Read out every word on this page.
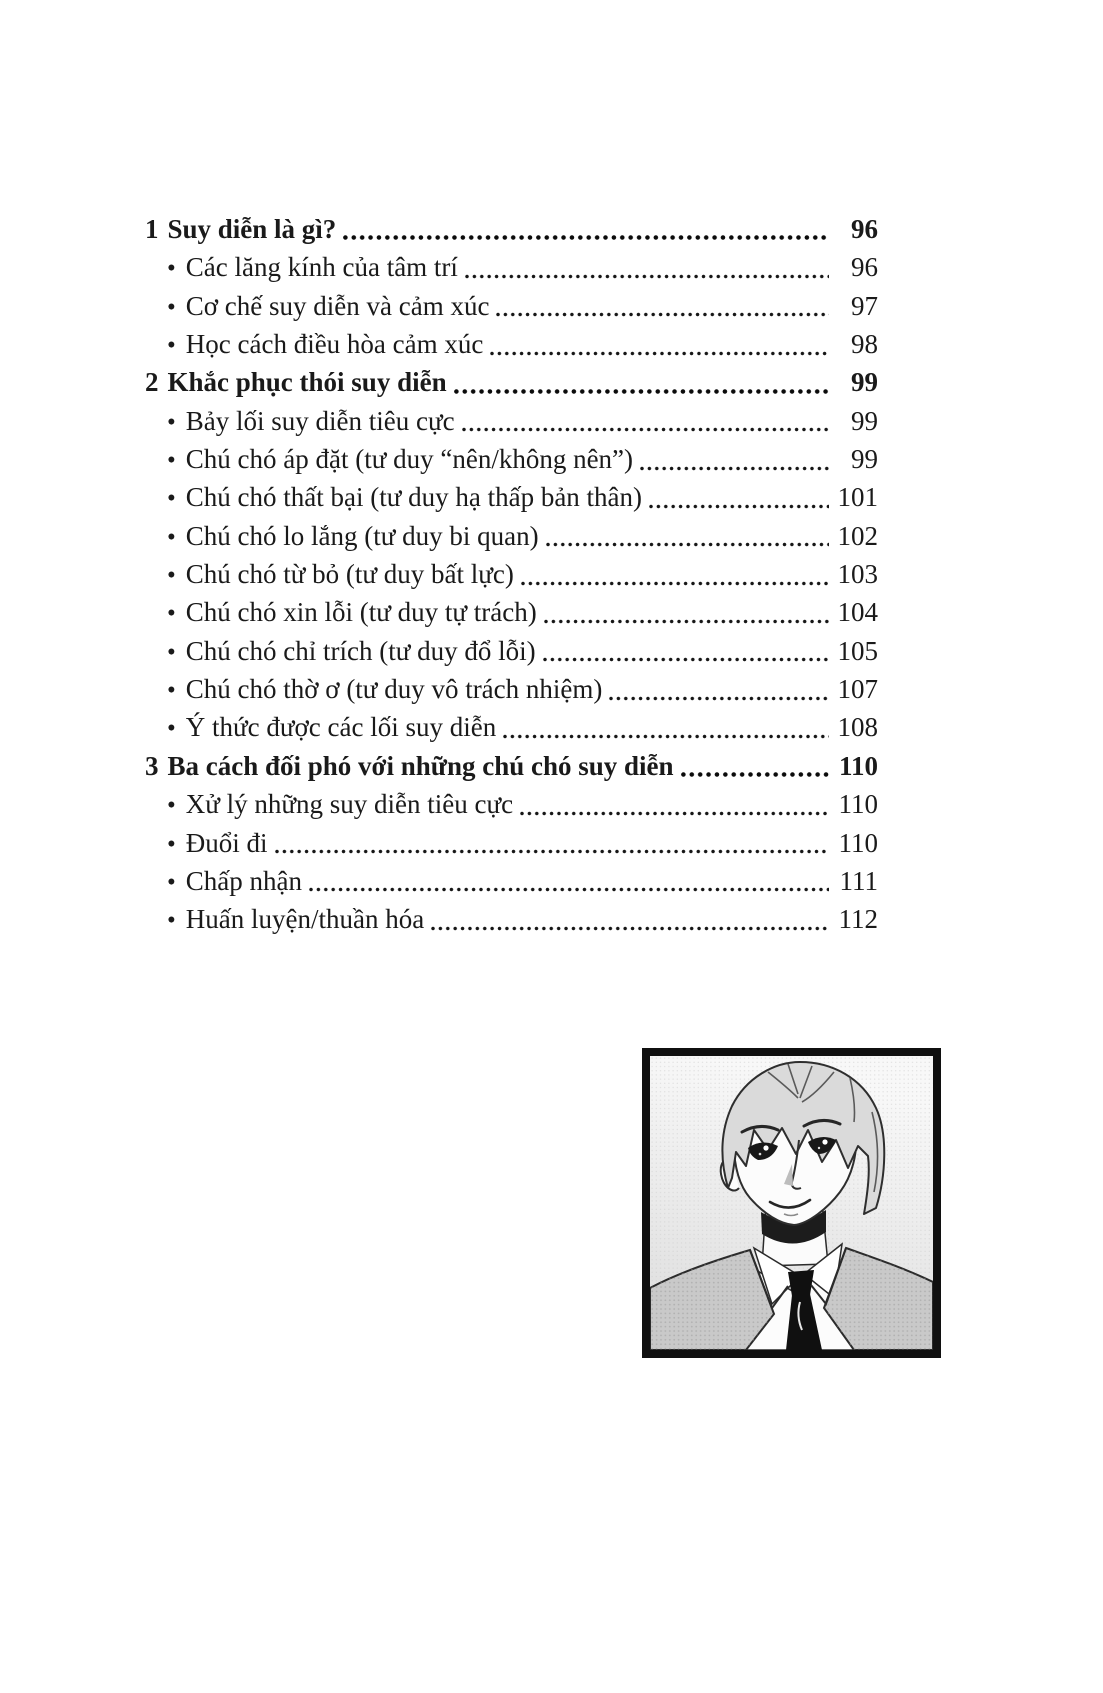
1 Suy diễn là gì?	96
• Các lăng kính của tâm trí	96
• Cơ chế suy diễn và cảm xúc	97
• Học cách điều hòa cảm xúc	98
2 Khắc phục thói suy diễn	99
• Bảy lối suy diễn tiêu cực	99
• Chú chó áp đặt (tư duy “nên/không nên”)	99
• Chú chó thất bại (tư duy hạ thấp bản thân)	101
• Chú chó lo lắng (tư duy bi quan)	102
• Chú chó từ bỏ (tư duy bất lực)	103
• Chú chó xin lỗi (tư duy tự trách)	104
• Chú chó chỉ trích (tư duy đổ lỗi)	105
• Chú chó thờ ơ (tư duy vô trách nhiệm)	107
• Ý thức được các lối suy diễn	108
3 Ba cách đối phó với những chú chó suy diễn	110
• Xử lý những suy diễn tiêu cực	110
• Đuổi đi	110
• Chấp nhận	111
• Huấn luyện/thuần hóa	112
